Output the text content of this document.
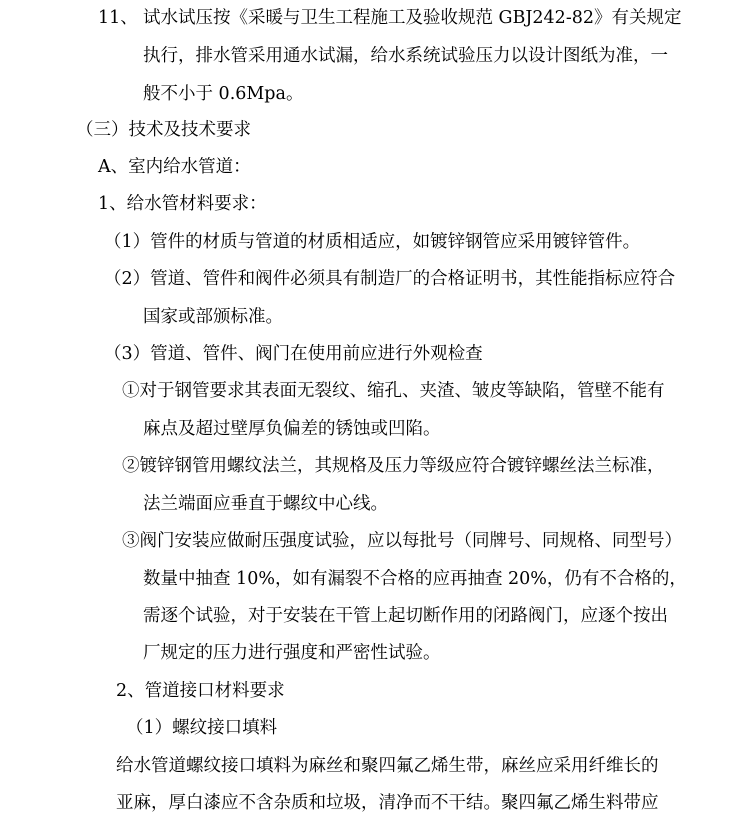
11、 试水试压按《采暖与卫生工程施工及验收规范 GBJ242-82》有关规定
执行，排水管采用通水试漏，给水系统试验压力以设计图纸为准，一
般不小于 0.6Mpa。
（三）技术及技术要求
A、室内给水管道：
1、给水管材料要求：
（1）管件的材质与管道的材质相适应，如镀锌钢管应采用镀锌管件。
（2）管道、管件和阀件必须具有制造厂的合格证明书，其性能指标应符合
国家或部颁标准。
（3）管道、管件、阀门在使用前应进行外观检查
①对于钢管要求其表面无裂纹、缩孔、夹渣、皱皮等缺陷，管壁不能有
麻点及超过壁厚负偏差的锈蚀或凹陷。
②镀锌钢管用螺纹法兰，其规格及压力等级应符合镀锌螺丝法兰标准，
法兰端面应垂直于螺纹中心线。
③阀门安装应做耐压强度试验，应以每批号（同牌号、同规格、同型号）
数量中抽查 10%，如有漏裂不合格的应再抽查 20%，仍有不合格的，
需逐个试验，对于安装在干管上起切断作用的闭路阀门，应逐个按出
厂规定的压力进行强度和严密性试验。
2、管道接口材料要求
（1）螺纹接口填料
给水管道螺纹接口填料为麻丝和聚四氟乙烯生带，麻丝应采用纤维长的
亚麻，厚白漆应不含杂质和垃圾，清净而不干结。聚四氟乙烯生料带应
